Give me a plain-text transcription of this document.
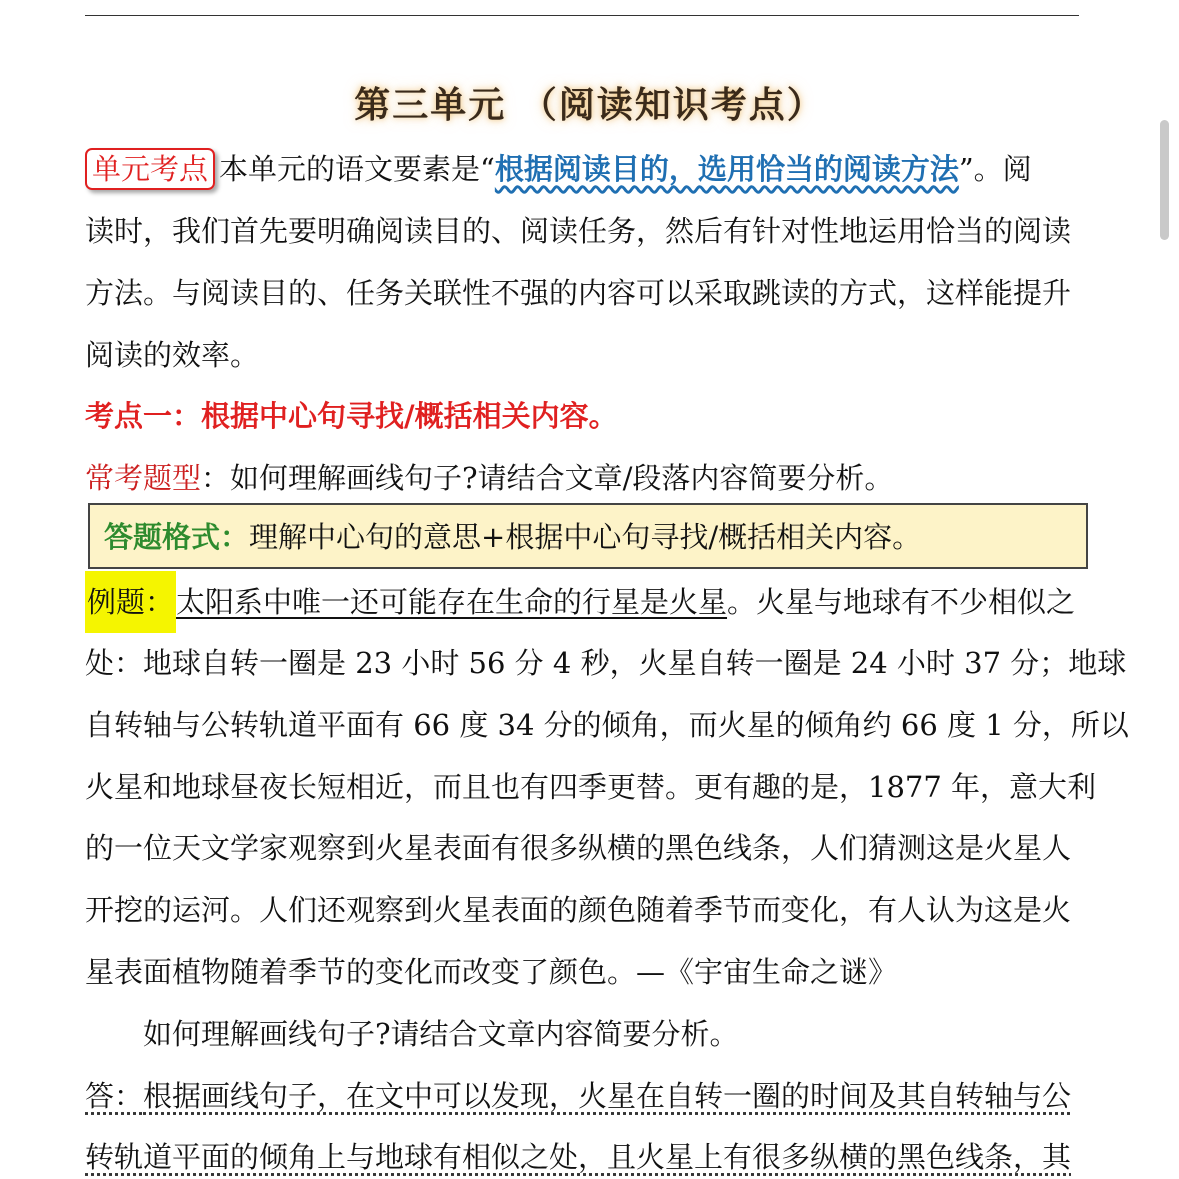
第三单元 （阅读知识考点）

单元考点 本单元的语文要素是“根据阅读目的，选用恰当的阅读方法”。阅

读时，我们首先要明确阅读目的、阅读任务，然后有针对性地运用恰当的阅读

方法。与阅读目的、任务关联性不强的内容可以采取跳读的方式，这样能提升

阅读的效率。

考点一：根据中心句寻找/概括相关内容。

常考题型：如何理解画线句子?请结合文章/段落内容简要分析。

答题格式：理解中心句的意思+根据中心句寻找/概括相关内容。

例题：太阳系中唯一还可能存在生命的行星是火星。火星与地球有不少相似之

处：地球自转一圈是 23 小时 56 分 4 秒，火星自转一圈是 24 小时 37 分；地球

自转轴与公转轨道平面有 66 度 34 分的倾角，而火星的倾角约 66 度 1 分，所以

火星和地球昼夜长短相近，而且也有四季更替。更有趣的是，1877 年，意大利

的一位天文学家观察到火星表面有很多纵横的黑色线条，人们猜测这是火星人

开挖的运河。人们还观察到火星表面的颜色随着季节而变化，有人认为这是火

星表面植物随着季节的变化而改变了颜色。—《宇宙生命之谜》

如何理解画线句子?请结合文章内容简要分析。

答：根据画线句子，在文中可以发现，火星在自转一圈的时间及其自转轴与公

转轨道平面的倾角上与地球有相似之处，且火星上有很多纵横的黑色线条，其
